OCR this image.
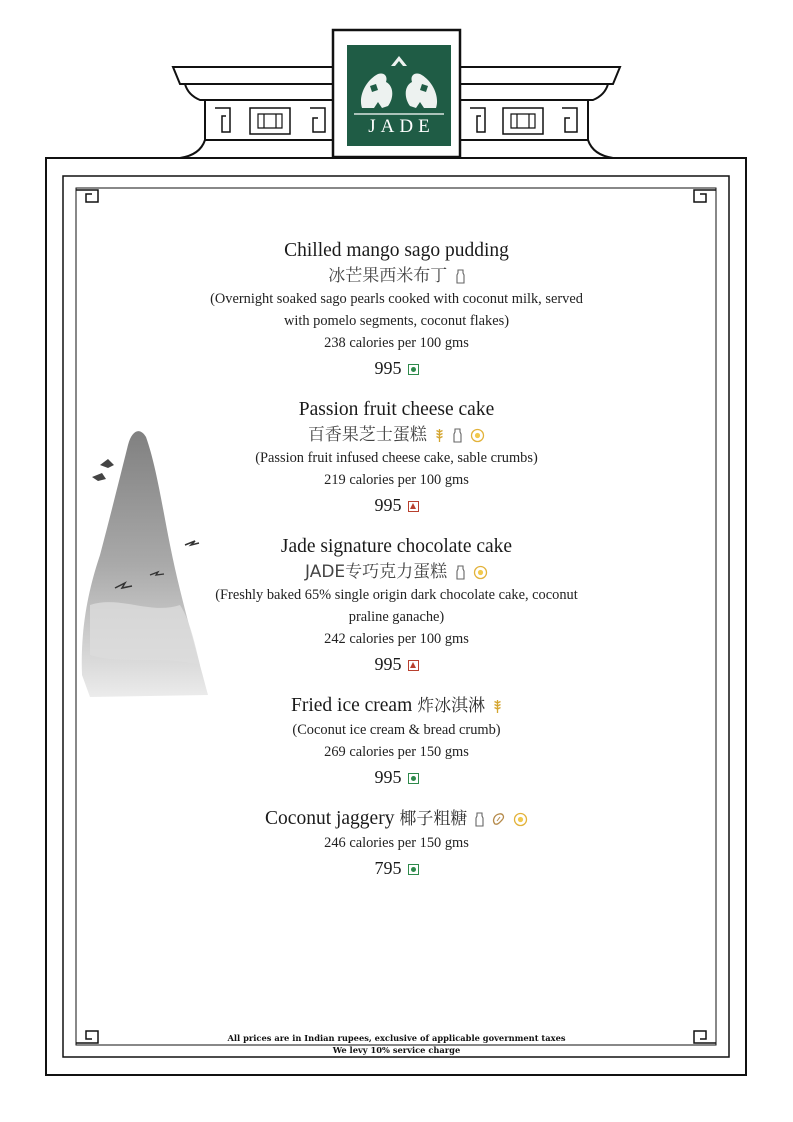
JADE
Chilled mango sago pudding
冰芒果西米布丁
(Overnight soaked sago pearls cooked with coconut milk, served with pomelo segments, coconut flakes)
238 calories per 100 gms
995
Passion fruit cheese cake
百香果芝士蛋糕
(Passion fruit infused cheese cake, sable crumbs)
219 calories per 100 gms
995
Jade signature chocolate cake
JADE专巧克力蛋糕
(Freshly baked 65% single origin dark chocolate cake, coconut praline ganache)
242 calories per 100 gms
995
Fried ice cream 炸冰淇淋
(Coconut ice cream & bread crumb)
269 calories per 150 gms
995
Coconut jaggery 椰子粗糖
246 calories per 150 gms
795
All prices are in Indian rupees, exclusive of applicable government taxes
We levy 10% service charge
